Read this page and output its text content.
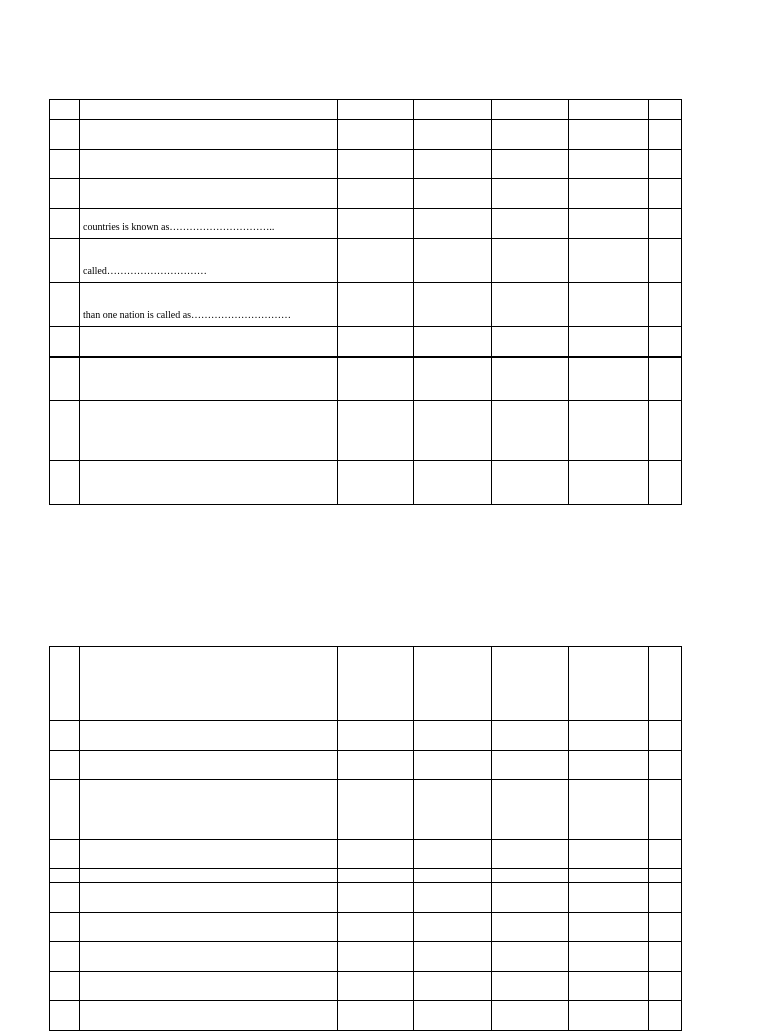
	countries is known as…………………………..					

	called…………………………					

	than one nation is called as…………………………					
